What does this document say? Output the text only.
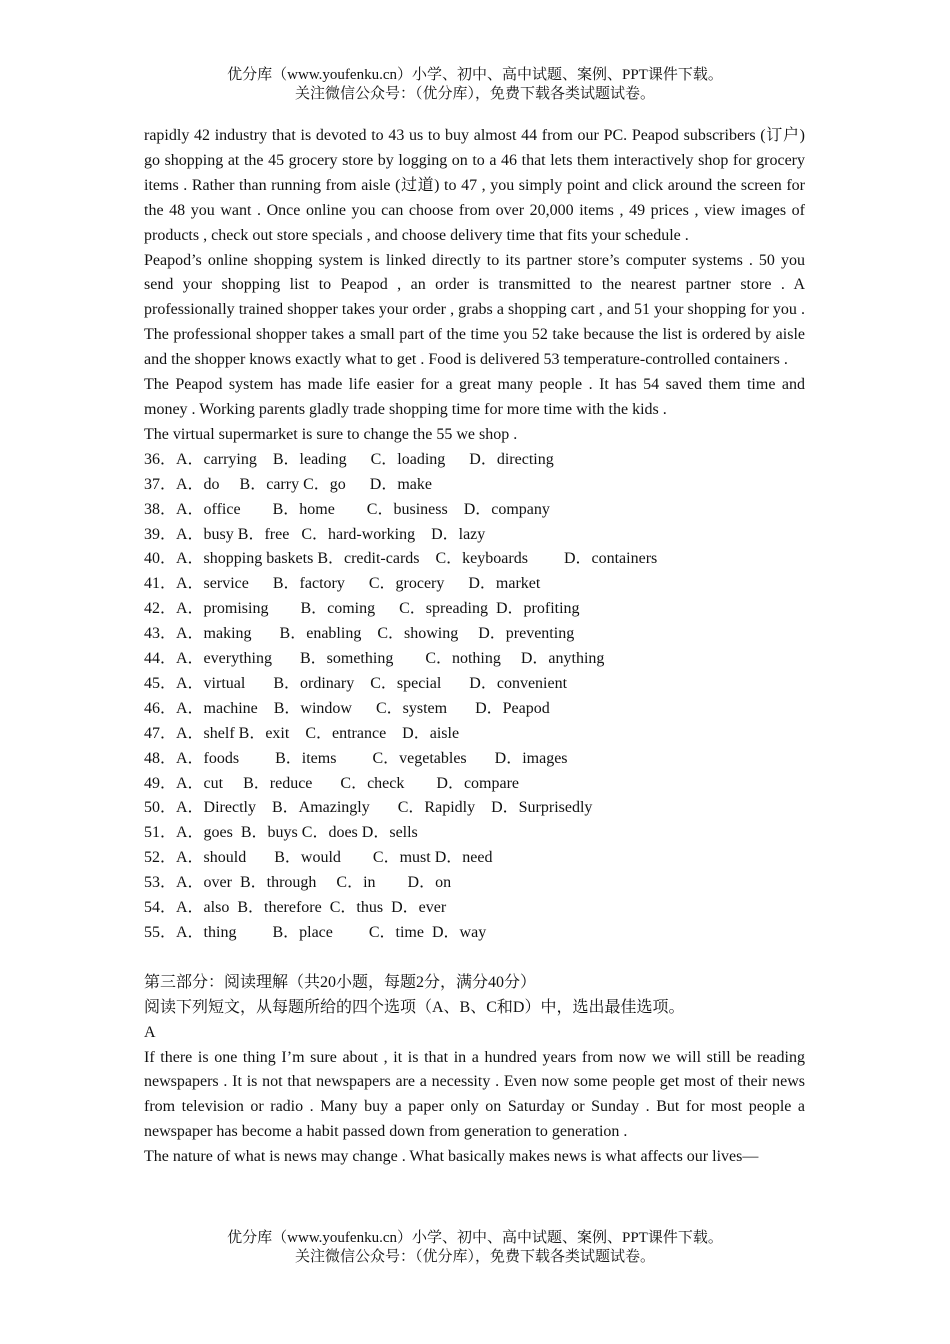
优分库（www.youfenku.cn）小学、初中、高中试题、案例、PPT课件下载。
关注微信公众号：（优分库），免费下载各类试题试卷。

rapidly 42 industry that is devoted to 43 us to buy almost 44 from our PC. Peapod subscribers (订户) go shopping at the 45 grocery store by logging on to a 46 that lets them interactively shop for grocery items . Rather than running from aisle (过道) to 47 , you simply point and click around the screen for the 48 you want . Once online you can choose from over 20,000 items , 49 prices , view images of products , check out store specials , and choose delivery time that fits your schedule .

Peapod’s online shopping system is linked directly to its partner store’s computer systems . 50 you send your shopping list to Peapod , an order is transmitted to the nearest partner store . A professionally trained shopper takes your order , grabs a shopping cart , and 51 your shopping for you . The professional shopper takes a small part of the time you 52 take because the list is ordered by aisle and the shopper knows exactly what to get . Food is delivered 53 temperature-controlled containers .

The Peapod system has made life easier for a great many people . It has 54 saved them time and money . Working parents gladly trade shopping time for more time with the kids .

The virtual supermarket is sure to change the 55 we shop .

36．A．carrying    B．leading      C．loading      D．directing

37．A．do     B．carry C．go      D．make

38．A．office        B．home        C．business    D．company

39．A．busy B．free   C．hard-working    D．lazy

40．A．shopping baskets B．credit-cards    C．keyboards         D．containers

41．A．service      B．factory      C．grocery      D．market

42．A．promising        B．coming      C．spreading  D．profiting

43．A．making       B．enabling    C．showing     D．preventing

44．A．everything       B．something        C．nothing     D．anything

45．A．virtual       B．ordinary    C．special       D．convenient

46．A．machine    B．window      C．system       D．Peapod

47．A．shelf B．exit    C．entrance    D．aisle

48．A．foods         B．items         C．vegetables       D．images

49．A．cut     B．reduce       C．check        D．compare

50．A．Directly    B．Amazingly       C．Rapidly    D．Surprisedly

51．A．goes  B．buys C．does D．sells

52．A．should       B．would        C．must D．need

53．A．over  B．through     C．in        D．on

54．A．also  B．therefore  C．thus  D．ever

55．A．thing         B．place         C．time  D．way

第三部分：阅读理解（共20小题，每题2分，满分40分）

阅读下列短文，从每题所给的四个选项（A、B、C和D）中，选出最佳选项。

A

If there is one thing I’m sure about , it is that in a hundred years from now we will still be reading newspapers . It is not that newspapers are a necessity . Even now some people get most of their news from television or radio . Many buy a paper only on Saturday or Sunday . But for most people a newspaper has become a habit passed down from generation to generation .

The nature of what is news may change . What basically makes news is what affects our lives—

优分库（www.youfenku.cn）小学、初中、高中试题、案例、PPT课件下载。
关注微信公众号：（优分库），免费下载各类试题试卷。
